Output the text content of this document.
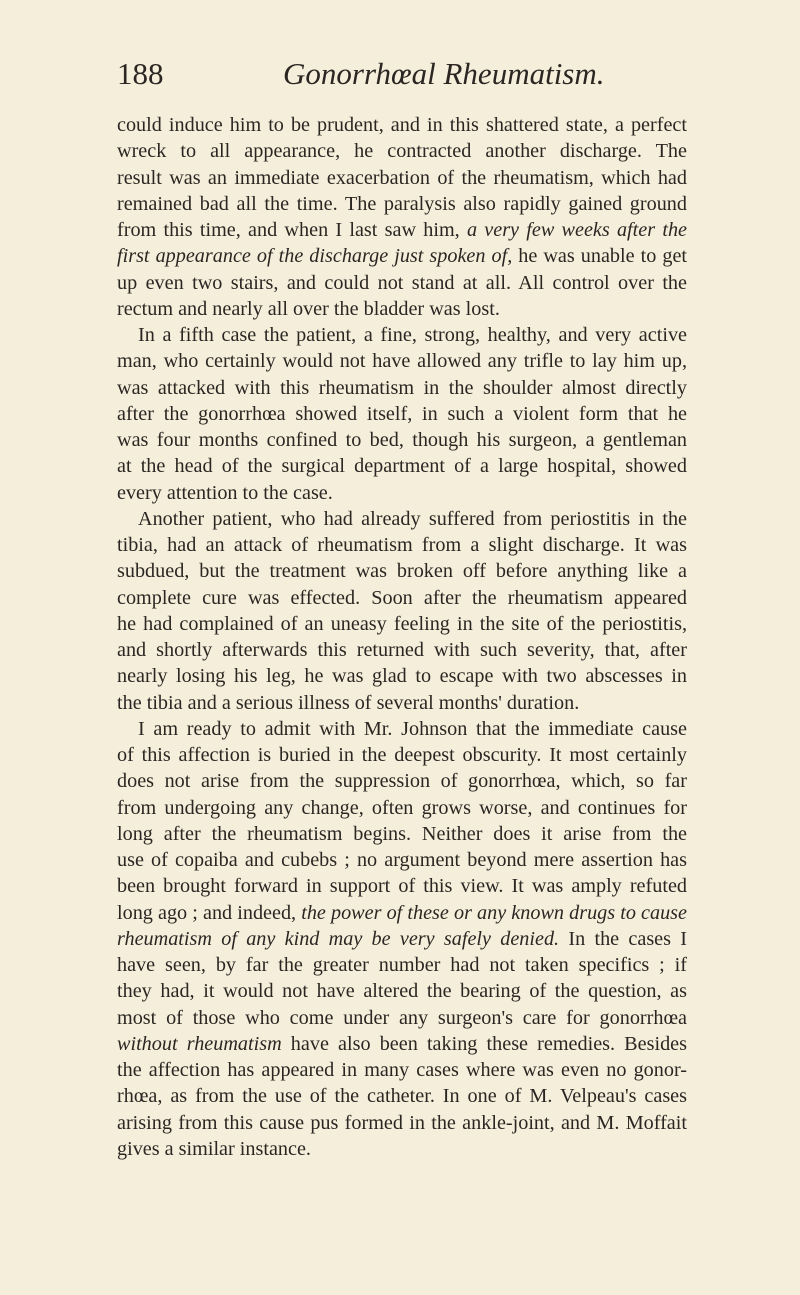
188	Gonorrhœal Rheumatism.
could induce him to be prudent, and in this shattered state, a perfect
wreck to all appearance, he contracted another discharge. The
result was an immediate exacerbation of the rheumatism, which had
remained bad all the time. The paralysis also rapidly gained ground
from this time, and when I last saw him, a very few weeks after the
first appearance of the discharge just spoken of, he was unable to get
up even two stairs, and could not stand at all. All control over the
rectum and nearly all over the bladder was lost.
In a fifth case the patient, a fine, strong, healthy, and very active
man, who certainly would not have allowed any trifle to lay him up,
was attacked with this rheumatism in the shoulder almost directly
after the gonorrhœa showed itself, in such a violent form that he
was four months confined to bed, though his surgeon, a gentleman
at the head of the surgical department of a large hospital, showed
every attention to the case.
Another patient, who had already suffered from periostitis in the
tibia, had an attack of rheumatism from a slight discharge. It was
subdued, but the treatment was broken off before anything like a
complete cure was effected. Soon after the rheumatism appeared
he had complained of an uneasy feeling in the site of the periostitis,
and shortly afterwards this returned with such severity, that, after
nearly losing his leg, he was glad to escape with two abscesses in
the tibia and a serious illness of several months' duration.
I am ready to admit with Mr. Johnson that the immediate cause
of this affection is buried in the deepest obscurity. It most certainly
does not arise from the suppression of gonorrhœa, which, so far
from undergoing any change, often grows worse, and continues for
long after the rheumatism begins. Neither does it arise from the
use of copaiba and cubebs ; no argument beyond mere assertion has
been brought forward in support of this view. It was amply refuted
long ago ; and indeed, the power of these or any known drugs to cause
rheumatism of any kind may be very safely denied. In the cases I
have seen, by far the greater number had not taken specifics ; if
they had, it would not have altered the bearing of the question, as
most of those who come under any surgeon's care for gonorrhœa
without rheumatism have also been taking these remedies. Besides
the affection has appeared in many cases where was even no gonor-
rhœa, as from the use of the catheter. In one of M. Velpeau's cases
arising from this cause pus formed in the ankle-joint, and M. Moffait
gives a similar instance.
